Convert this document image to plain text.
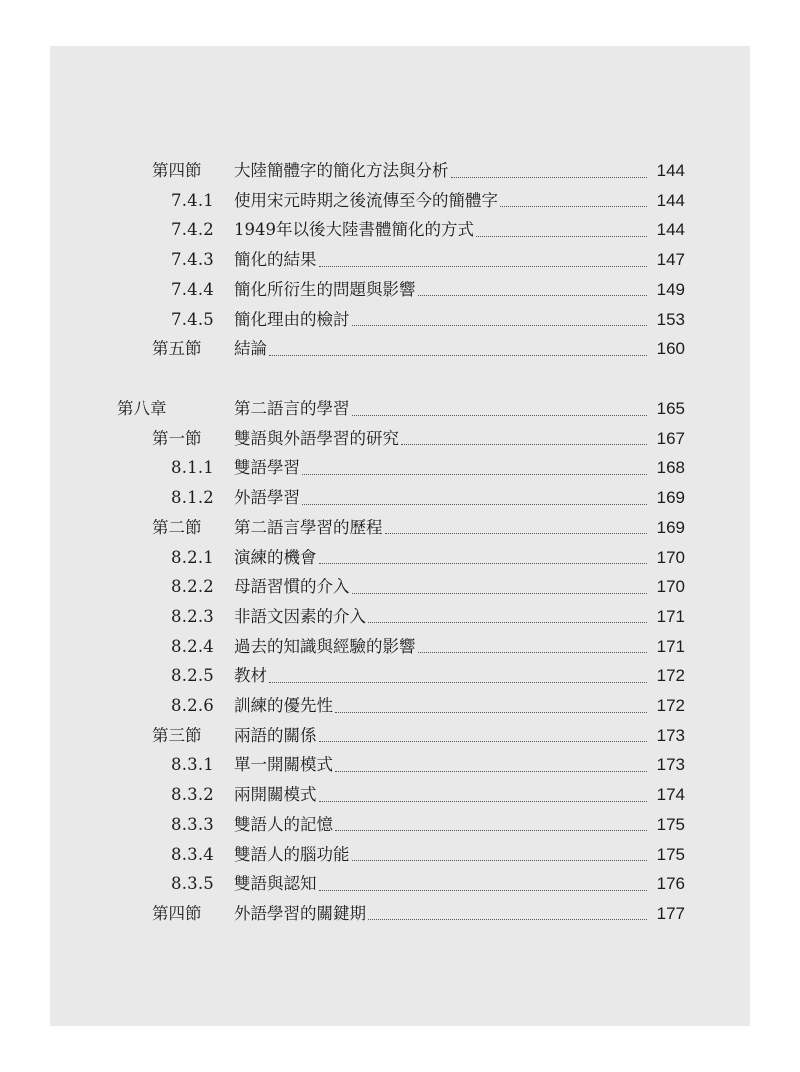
第四節 大陸簡體字的簡化方法與分析	144
7.4.1 使用宋元時期之後流傳至今的簡體字	144
7.4.2 1949年以後大陸書體簡化的方式	144
7.4.3 簡化的結果	147
7.4.4 簡化所衍生的問題與影響	149
7.4.5 簡化理由的檢討	153
第五節 結論	160
第八章	第二語言的學習	165
第一節 雙語與外語學習的研究	167
8.1.1 雙語學習	168
8.1.2 外語學習	169
第二節 第二語言學習的歷程	169
8.2.1 演練的機會	170
8.2.2 母語習慣的介入	170
8.2.3 非語文因素的介入	171
8.2.4 過去的知識與經驗的影響	171
8.2.5 教材	172
8.2.6 訓練的優先性	172
第三節 兩語的關係	173
8.3.1 單一開關模式	173
8.3.2 兩開關模式	174
8.3.3 雙語人的記憶	175
8.3.4 雙語人的腦功能	175
8.3.5 雙語與認知	176
第四節 外語學習的關鍵期	177
